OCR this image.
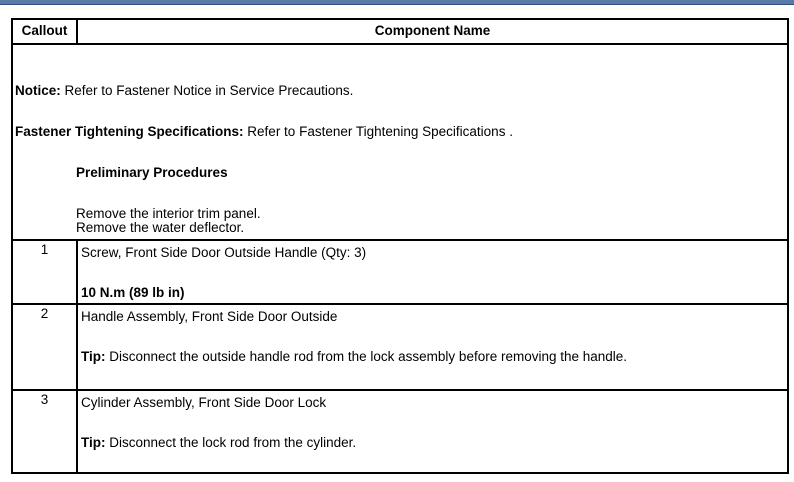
Callout	Component Name

Notice: Refer to Fastener Notice in Service Precautions.
Fastener Tightening Specifications: Refer to Fastener Tightening Specifications .
Preliminary Procedures
Remove the interior trim panel.
Remove the water deflector.	

1	Screw, Front Side Door Outside Handle (Qty: 3)
10 N.m (89 lb in)

2	Handle Assembly, Front Side Door Outside
Tip: Disconnect the outside handle rod from the lock assembly before removing the handle.

3	Cylinder Assembly, Front Side Door Lock
Tip: Disconnect the lock rod from the cylinder.
